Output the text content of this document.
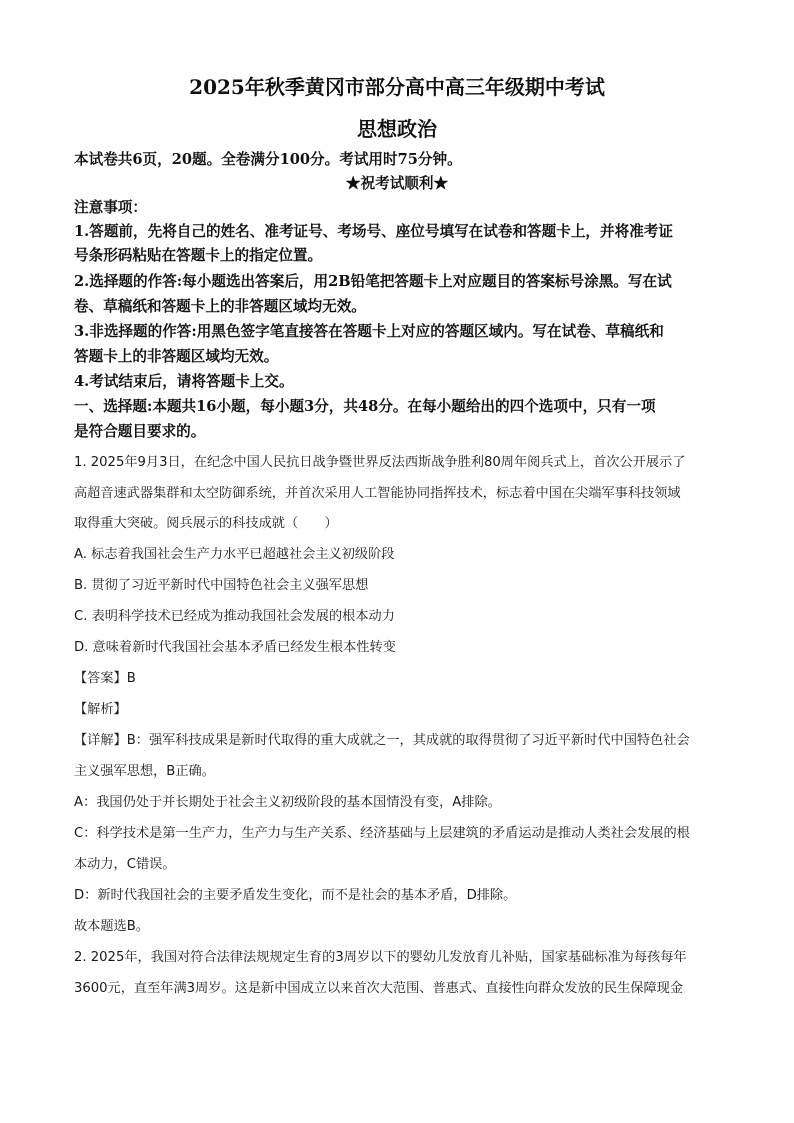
2025年秋季黄冈市部分高中高三年级期中考试
思想政治
本试卷共6页，20题。全卷满分100分。考试用时75分钟。
★祝考试顺利★
注意事项：
1.答题前，先将自己的姓名、准考证号、考场号、座位号填写在试卷和答题卡上，并将准考证
号条形码粘贴在答题卡上的指定位置。
2.选择题的作答:每小题选出答案后，用2B铅笔把答题卡上对应题目的答案标号涂黑。写在试
卷、草稿纸和答题卡上的非答题区域均无效。
3.非选择题的作答:用黑色签字笔直接答在答题卡上对应的答题区域内。写在试卷、草稿纸和
答题卡上的非答题区域均无效。
4.考试结束后，请将答题卡上交。
一、选择题:本题共16小题，每小题3分，共48分。在每小题给出的四个选项中，只有一项
是符合题目要求的。
1. 2025年9月3日，在纪念中国人民抗日战争暨世界反法西斯战争胜利80周年阅兵式上，首次公开展示了
高超音速武器集群和太空防御系统，并首次采用人工智能协同指挥技术，标志着中国在尖端军事科技领域
取得重大突破。阅兵展示的科技成就（　　）
A. 标志着我国社会生产力水平已超越社会主义初级阶段
B. 贯彻了习近平新时代中国特色社会主义强军思想
C. 表明科学技术已经成为推动我国社会发展的根本动力
D. 意味着新时代我国社会基本矛盾已经发生根本性转变
【答案】B
【解析】
【详解】B：强军科技成果是新时代取得的重大成就之一，其成就的取得贯彻了习近平新时代中国特色社会
主义强军思想，B正确。
A：我国仍处于并长期处于社会主义初级阶段的基本国情没有变，A排除。
C：科学技术是第一生产力，生产力与生产关系、经济基础与上层建筑的矛盾运动是推动人类社会发展的根
本动力，C错误。
D：新时代我国社会的主要矛盾发生变化，而不是社会的基本矛盾，D排除。
故本题选B。
2. 2025年，我国对符合法律法规规定生育的3周岁以下的婴幼儿发放育儿补贴，国家基础标准为每孩每年
3600元，直至年满3周岁。这是新中国成立以来首次大范围、普惠式、直接性向群众发放的民生保障现金
